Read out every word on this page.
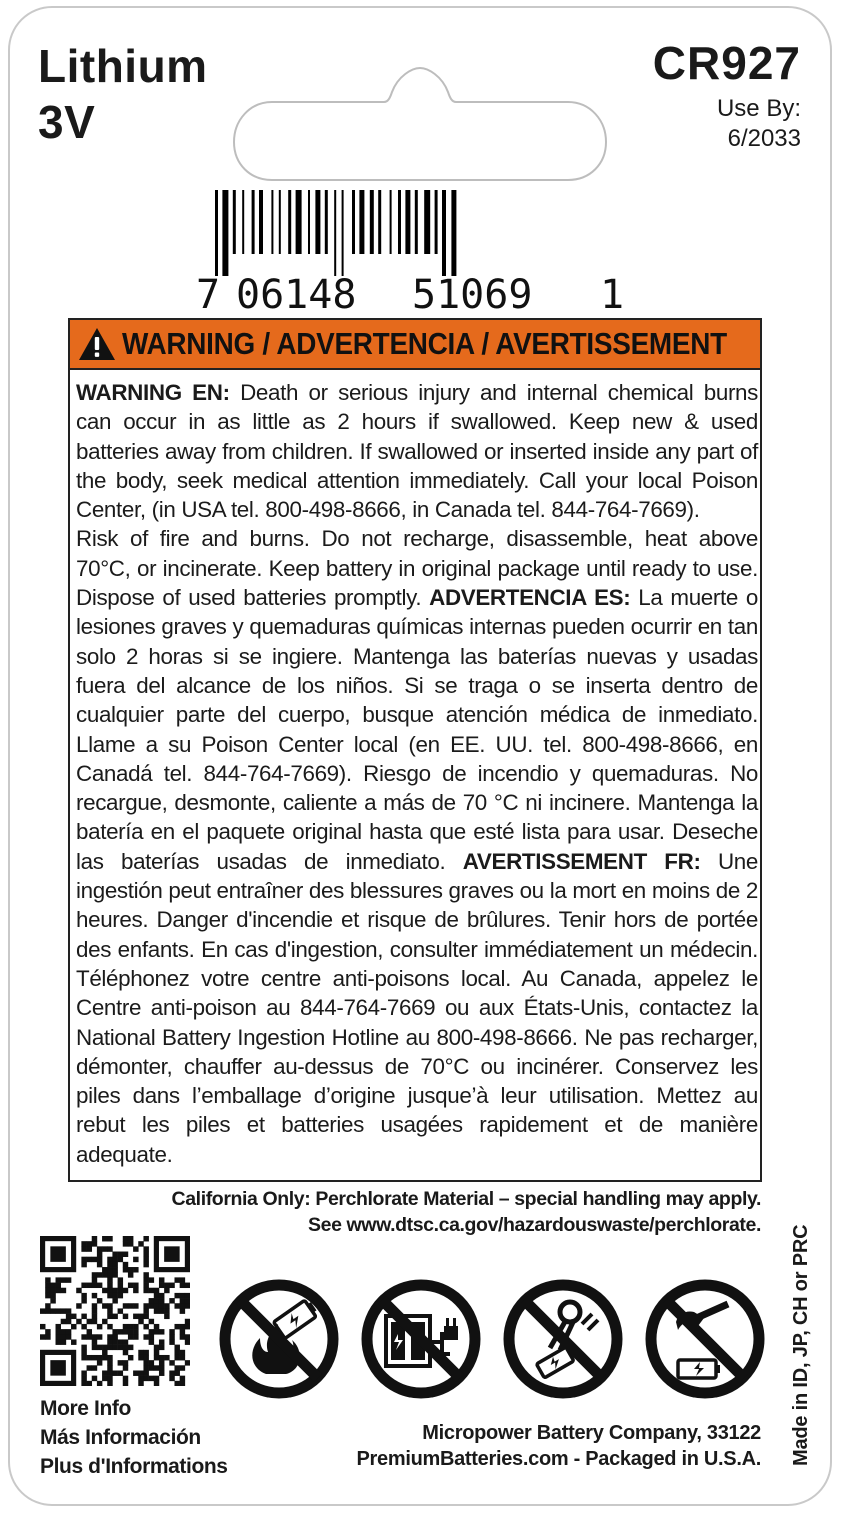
Lithium
3V
CR927
Use By:
6/2033
7 06148 51069 1
WARNING / ADVERTENCIA / AVERTISSEMENT

WARNING EN: Death or serious injury and internal chemical burns can occur in as little as 2 hours if swallowed. Keep new & used batteries away from children. If swallowed or inserted inside any part of the body, seek medical attention immediately. Call your local Poison Center, (in USA tel. 800-498-8666, in Canada tel. 844-764-7669).

Risk of fire and burns. Do not recharge, disassemble, heat above 70°C, or incinerate. Keep battery in original package until ready to use. Dispose of used batteries promptly. ADVERTENCIA ES: La muerte o lesiones graves y quemaduras químicas internas pueden ocurrir en tan solo 2 horas si se ingiere. Mantenga las baterías nuevas y usadas fuera del alcance de los niños. Si se traga o se inserta dentro de cualquier parte del cuerpo, busque atención médica de inmediato. Llame a su Poison Center local (en EE. UU. tel. 800-498-8666, en Canadá tel. 844-764-7669). Riesgo de incendio y quemaduras. No recargue, desmonte, caliente a más de 70 °C ni incinere. Mantenga la batería en el paquete original hasta que esté lista para usar. Deseche las baterías usadas de inmediato. AVERTISSEMENT FR: Une ingestión peut entraîner des blessures graves ou la mort en moins de 2 heures. Danger d'incendie et risque de brûlures. Tenir hors de portée des enfants. En cas d'ingestion, consulter immédiatement un médecin. Téléphonez votre centre anti-poisons local. Au Canada, appelez le Centre anti-poison au 844-764-7669 ou aux États-Unis, contactez la National Battery Ingestion Hotline au 800-498-8666. Ne pas recharger, démonter, chauffer au-dessus de 70°C ou incinérer. Conservez les piles dans l’emballage d’origine jusque’à leur utilisation. Mettez au rebut les piles et batteries usagées rapidement et de manière adequate.

California Only: Perchlorate Material – special handling may apply.
See www.dtsc.ca.gov/hazardouswaste/perchlorate.
More Info
Más Información
Plus d'Informations
Micropower Battery Company, 33122
PremiumBatteries.com - Packaged in U.S.A. Made in ID, JP, CH or PRC
